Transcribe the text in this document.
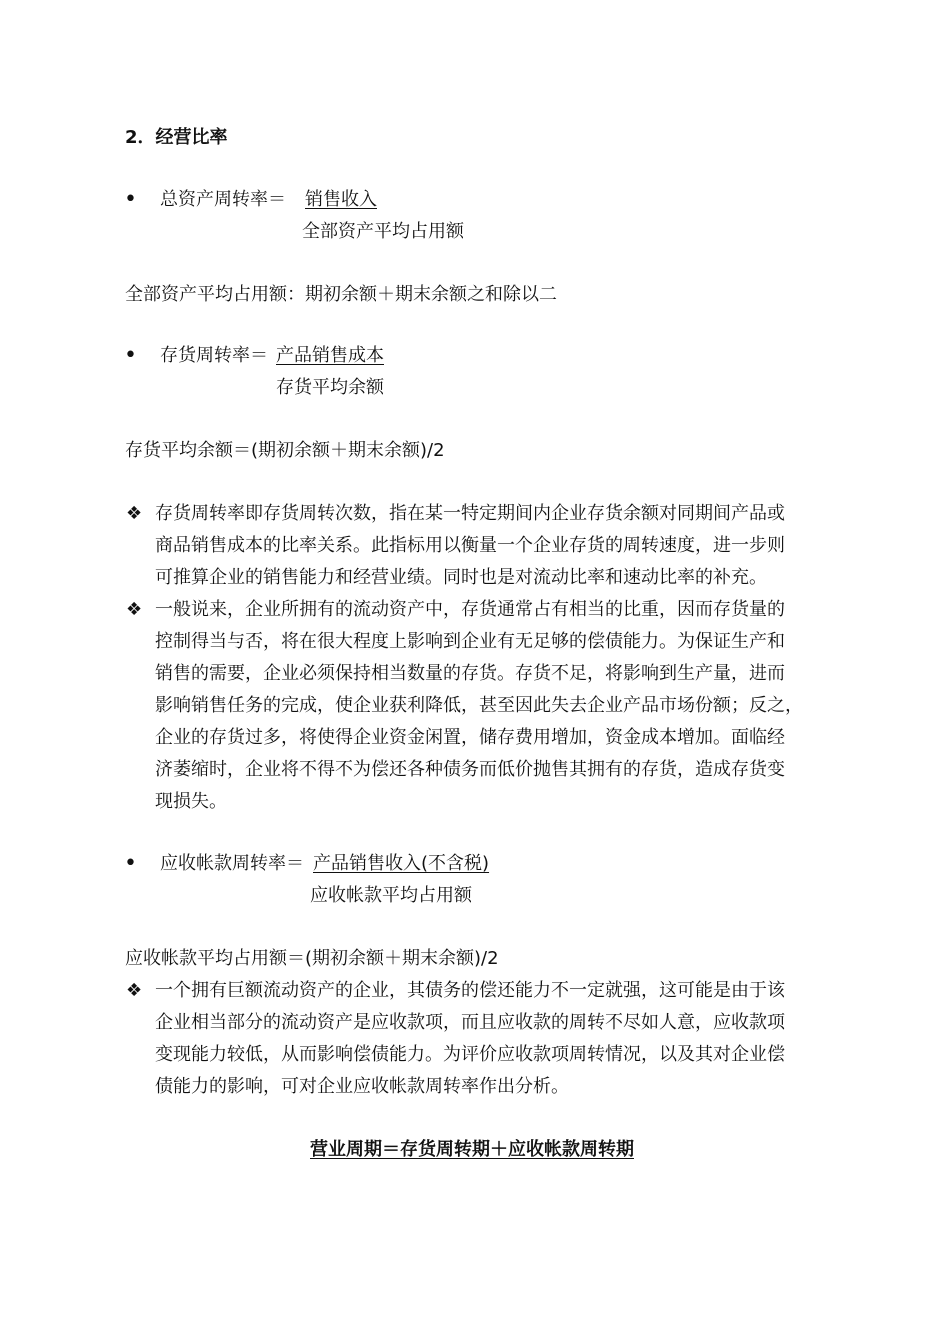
2．经营比率
• 总资产周转率＝ 销售收入
全部资产平均占用额
全部资产平均占用额：期初余额＋期末余额之和除以二
• 存货周转率＝ 产品销售成本
存货平均余额
存货平均余额＝(期初余额＋期末余额)/2
❖ 存货周转率即存货周转次数，指在某一特定期间内企业存货余额对同期间产品或
商品销售成本的比率关系。此指标用以衡量一个企业存货的周转速度，进一步则
可推算企业的销售能力和经营业绩。同时也是对流动比率和速动比率的补充。
❖ 一般说来，企业所拥有的流动资产中，存货通常占有相当的比重，因而存货量的
控制得当与否，将在很大程度上影响到企业有无足够的偿债能力。为保证生产和
销售的需要，企业必须保持相当数量的存货。存货不足，将影响到生产量，进而
影响销售任务的完成，使企业获利降低，甚至因此失去企业产品市场份额；反之，
企业的存货过多，将使得企业资金闲置，储存费用增加，资金成本增加。面临经
济萎缩时，企业将不得不为偿还各种债务而低价抛售其拥有的存货，造成存货变
现损失。
• 应收帐款周转率＝ 产品销售收入(不含税)
应收帐款平均占用额
应收帐款平均占用额＝(期初余额＋期末余额)/2
❖ 一个拥有巨额流动资产的企业，其债务的偿还能力不一定就强，这可能是由于该
企业相当部分的流动资产是应收款项，而且应收款的周转不尽如人意，应收款项
变现能力较低，从而影响偿债能力。为评价应收款项周转情况，以及其对企业偿
债能力的影响，可对企业应收帐款周转率作出分析。
营业周期＝存货周转期＋应收帐款周转期
